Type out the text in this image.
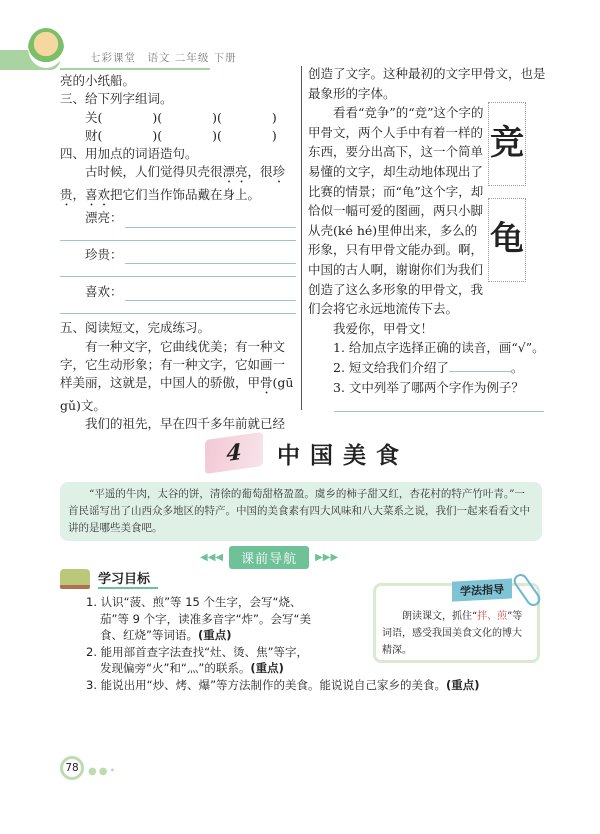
七彩课堂　语文 二年级 下册
亮的小纸船。
三、给下列字组词。
关 (　　　　)(　　　　)(　　　　)
财 (　　　　)(　　　　)(　　　　)
四、用加点的词语造句。
古时候，人们觉得贝壳很漂亮，很珍贵，喜欢把它们当作饰品戴在身上。
漂亮：
珍贵：
喜欢：
五、阅读短文，完成练习。
有一种文字，它曲线优美；有一种文字，它生动形象；有一种文字，它如画一样美丽，这就是，中国人的骄傲，甲骨(gū gǔ)文。
我们的祖先，早在四千多年前就已经
创造了文字。这种最初的文字甲骨文，也是最象形的字体。
看看“竞争”的“竞”这个字的甲骨文，两个人手中有着一样的东西，要分出高下，这一个简单易懂的文字，却生动地体现出了比赛的情景；而“龟”这个字，却恰似一幅可爱的图画，两只小脚从壳(ké hé)里伸出来，多么的形象，只有甲骨文能办到。啊，中国的古人啊，谢谢你们为我们创造了这么多形象的甲骨文，我们会将它永远地流传下去。
我爱你，甲骨文！
1. 给加点字选择正确的读音，画“√”。
2. 短文给我们介绍了	。
3. 文中列举了哪两个字作为例子？
竞
龟
4 中国美食
“平遥的牛肉，太谷的饼，清徐的葡萄甜格盈盈。虞乡的柿子甜又红，杏花村的特产竹叶青。”一首民谣写出了山西众多地区的特产。中国的美食素有四大风味和八大菜系之说，我们一起来看看文中讲的是哪些美食吧。
◀◀◀	课前导航	▶▶▶
学习目标
1. 认识“菠、煎”等 15 个生字，会写“烧、茄”等 9 个字，读准多音字“炸”。会写“美食、红烧”等词语。(重点)
2. 能用部首查字法查找“灶、烫、焦”等字，发现偏旁“火”和“灬”的联系。(重点)
3. 能说出用“炒、烤、爆”等方法制作的美食。能说说自己家乡的美食。(重点)
朗读课文，抓住“拌、煎”等词语，感受我国美食文化的博大精深。
学法指导
78 ●●•
